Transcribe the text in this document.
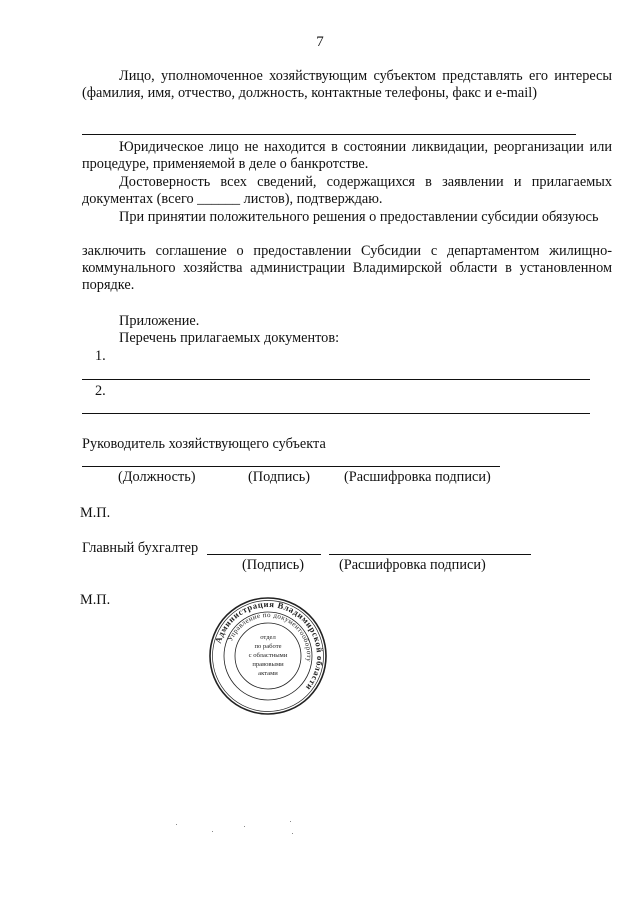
7

Лицо, уполномоченное хозяйствующим субъектом представлять его интересы (фамилия, имя, отчество, должность, контактные телефоны, факс и e-mail)

Юридическое лицо не находится в состоянии ликвидации, реорганизации или процедуре, применяемой в деле о банкротстве.

Достоверность всех сведений, содержащихся в заявлении и прилагаемых документах (всего ______ листов), подтверждаю.

При принятии положительного решения о предоставлении субсидии обязуюсь

заключить соглашение о предоставлении Субсидии с департаментом жилищно-коммунального хозяйства администрации Владимирской области в установленном порядке.

Приложение.

Перечень прилагаемых документов:

1.

2.

Руководитель хозяйствующего субъекта

(Должность)	(Подпись) (Расшифровка подписи)

М.П.

Главный бухгалтер

(Подпись) (Расшифровка подписи)

М.П.

Администрация Владимирской области
Управление по документообороту
отдел
по работе
с областными
правовыми
актами
